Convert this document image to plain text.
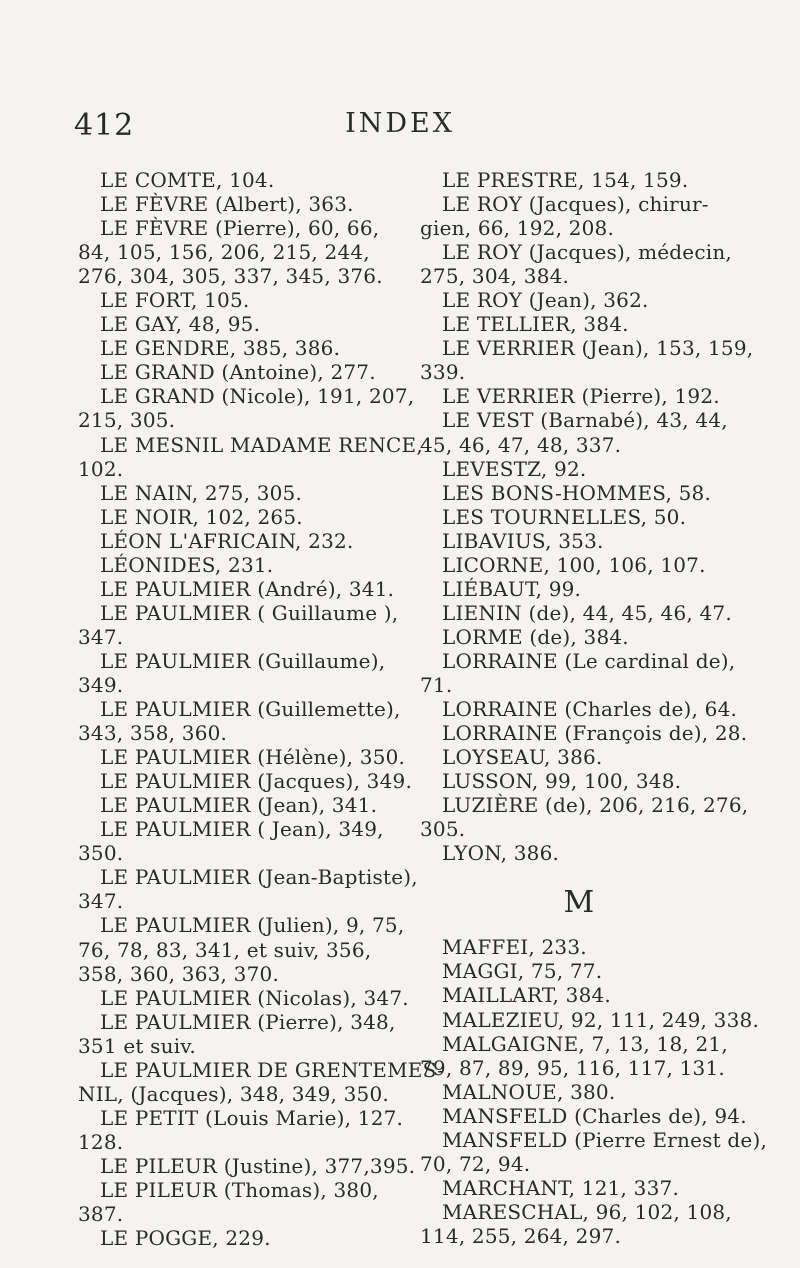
412	INDEX

LE COMTE, 104.

LE FÈVRE (Albert), 363.

LE FÈVRE (Pierre), 60, 66,

84, 105, 156, 206, 215, 244,

276, 304, 305, 337, 345, 376.

LE FORT, 105.

LE GAY, 48, 95.

LE GENDRE, 385, 386.

LE GRAND (Antoine), 277.

LE GRAND (Nicole), 191, 207,

215, 305.

LE MESNIL MADAME RENCE,

102.

LE NAIN, 275, 305.

LE NOIR, 102, 265.

LÉON L'AFRICAIN, 232.

LÉONIDES, 231.

LE PAULMIER (André), 341.

LE PAULMIER ( Guillaume ),

347.

LE PAULMIER (Guillaume),

349.

LE PAULMIER (Guillemette),

343, 358, 360.

LE PAULMIER (Hélène), 350.

LE PAULMIER (Jacques), 349.

LE PAULMIER (Jean), 341.

LE PAULMIER ( Jean), 349,

350.

LE PAULMIER (Jean-Baptiste),

347.

LE PAULMIER (Julien), 9, 75,

76, 78, 83, 341, et suiv, 356,

358, 360, 363, 370.

LE PAULMIER (Nicolas), 347.

LE PAULMIER (Pierre), 348,

351 et suiv.

LE PAULMIER DE GRENTEMES-

NIL, (Jacques), 348, 349, 350.

LE PETIT (Louis Marie), 127.

128.

LE PILEUR (Justine), 377,395.

LE PILEUR (Thomas), 380,

387.

LE POGGE, 229.

LE PRESTRE, 154, 159.

LE ROY (Jacques), chirur-

gien, 66, 192, 208.

LE ROY (Jacques), médecin,

275, 304, 384.

LE ROY (Jean), 362.

LE TELLIER, 384.

LE VERRIER (Jean), 153, 159,

339.

LE VERRIER (Pierre), 192.

LE VEST (Barnabé), 43, 44,

45, 46, 47, 48, 337.

LEVESTZ, 92.

LES BONS-HOMMES, 58.

LES TOURNELLES, 50.

LIBAVIUS, 353.

LICORNE, 100, 106, 107.

LIÉBAUT, 99.

LIENIN (de), 44, 45, 46, 47.

LORME (de), 384.

LORRAINE (Le cardinal de),

71.

LORRAINE (Charles de), 64.

LORRAINE (François de), 28.

LOYSEAU, 386.

LUSSON, 99, 100, 348.

LUZIÈRE (de), 206, 216, 276,

305.

LYON, 386.

M

MAFFEI, 233.

MAGGI, 75, 77.

MAILLART, 384.

MALEZIEU, 92, 111, 249, 338.

MALGAIGNE, 7, 13, 18, 21,

79, 87, 89, 95, 116, 117, 131.

MALNOUE, 380.

MANSFELD (Charles de), 94.

MANSFELD (Pierre Ernest de),

70, 72, 94.

MARCHANT, 121, 337.

MARESCHAL, 96, 102, 108,

114, 255, 264, 297.
